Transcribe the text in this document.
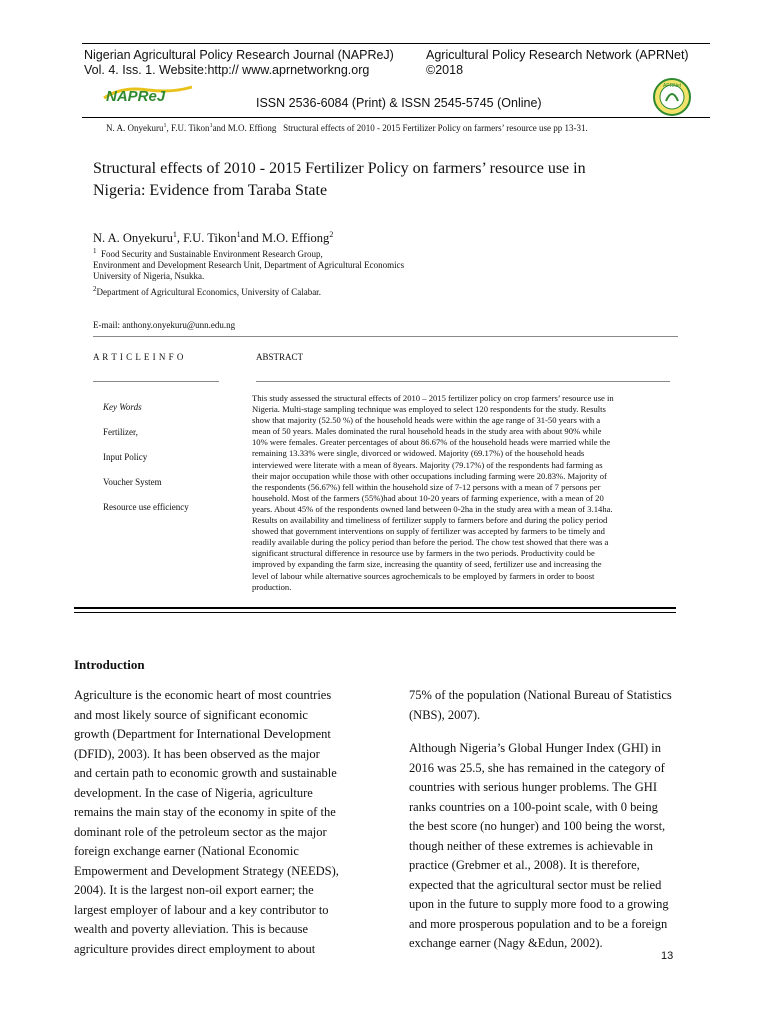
Nigerian Agricultural Policy Research Journal (NAPReJ)
Vol. 4. Iss. 1. Website:http:// www.aprnetworkng.org
Agricultural Policy Research Network (APRNet)
©2018
NAPReJ	ISSN 2536-6084 (Print) & ISSN 2545-5745 (Online)
APRNet
N. A. Onyekuru$^1$, F.U. Tikon$^1$and M.O. Effiong Structural effects of 2010 - 2015 Fertilizer Policy on farmers’ resource use pp 13-31.
Structural effects of 2010 - 2015 Fertilizer Policy on farmers’ resource use in
Nigeria: Evidence from Taraba State
N. A. Onyekuru$^1$, F.U. Tikon$^1$and M.O. Effiong$^2$
$^1$ Food Security and Sustainable Environment Research Group,
Environment and Development Research Unit, Department of Agricultural Economics
University of Nigeria, Nsukka.
$^2$Department of Agricultural Economics, University of Calabar.
E-mail: anthony.onyekuru@unn.edu.ng
A R T I C L E I N F O	ABSTRACT
Key Words
Fertilizer,
Input Policy
Voucher System
Resource use efficiency
This study assessed the structural effects of 2010 – 2015 fertilizer policy on crop farmers’ resource use in
Nigeria. Multi-stage sampling technique was employed to select 120 respondents for the study. Results
show that majority (52.50 %) of the household heads were within the age range of 31-50 years with a
mean of 50 years. Males dominated the rural household heads in the study area with about 90% while
10% were females. Greater percentages of about 86.67% of the household heads were married while the
remaining 13.33% were single, divorced or widowed. Majority (69.17%) of the household heads
interviewed were literate with a mean of 8years. Majority (79.17%) of the respondents had farming as
their major occupation while those with other occupations including farming were 20.83%. Majority of
the respondents (56.67%) fell within the household size of 7-12 persons with a mean of 7 persons per
household. Most of the farmers (55%)had about 10-20 years of farming experience, with a mean of 20
years. About 45% of the respondents owned land between 0-2ha in the study area with a mean of 3.14ha.
Results on availability and timeliness of fertilizer supply to farmers before and during the policy period
showed that government interventions on supply of fertilizer was accepted by farmers to be timely and
readily available during the policy period than before the period. The chow test showed that there was a
significant structural difference in resource use by farmers in the two periods. Productivity could be
improved by expanding the farm size, increasing the quantity of seed, fertilizer use and increasing the
level of labour while alternative sources agrochemicals to be employed by farmers in order to boost
production.
Introduction
Agriculture is the economic heart of most countries
and most likely source of significant economic
growth (Department for International Development
(DFID), 2003). It has been observed as the major
and certain path to economic growth and sustainable
development. In the case of Nigeria, agriculture
remains the main stay of the economy in spite of the
dominant role of the petroleum sector as the major
foreign exchange earner (National Economic
Empowerment and Development Strategy (NEEDS),
2004). It is the largest non-oil export earner; the
largest employer of labour and a key contributor to
wealth and poverty alleviation. This is because
agriculture provides direct employment to about
75% of the population (National Bureau of Statistics
(NBS), 2007).
Although Nigeria’s Global Hunger Index (GHI) in
2016 was 25.5, she has remained in the category of
countries with serious hunger problems. The GHI
ranks countries on a 100-point scale, with 0 being
the best score (no hunger) and 100 being the worst,
though neither of these extremes is achievable in
practice (Grebmer et al., 2008). It is therefore,
expected that the agricultural sector must be relied
upon in the future to supply more food to a growing
and more prosperous population and to be a foreign
exchange earner (Nagy &Edun, 2002).
13
